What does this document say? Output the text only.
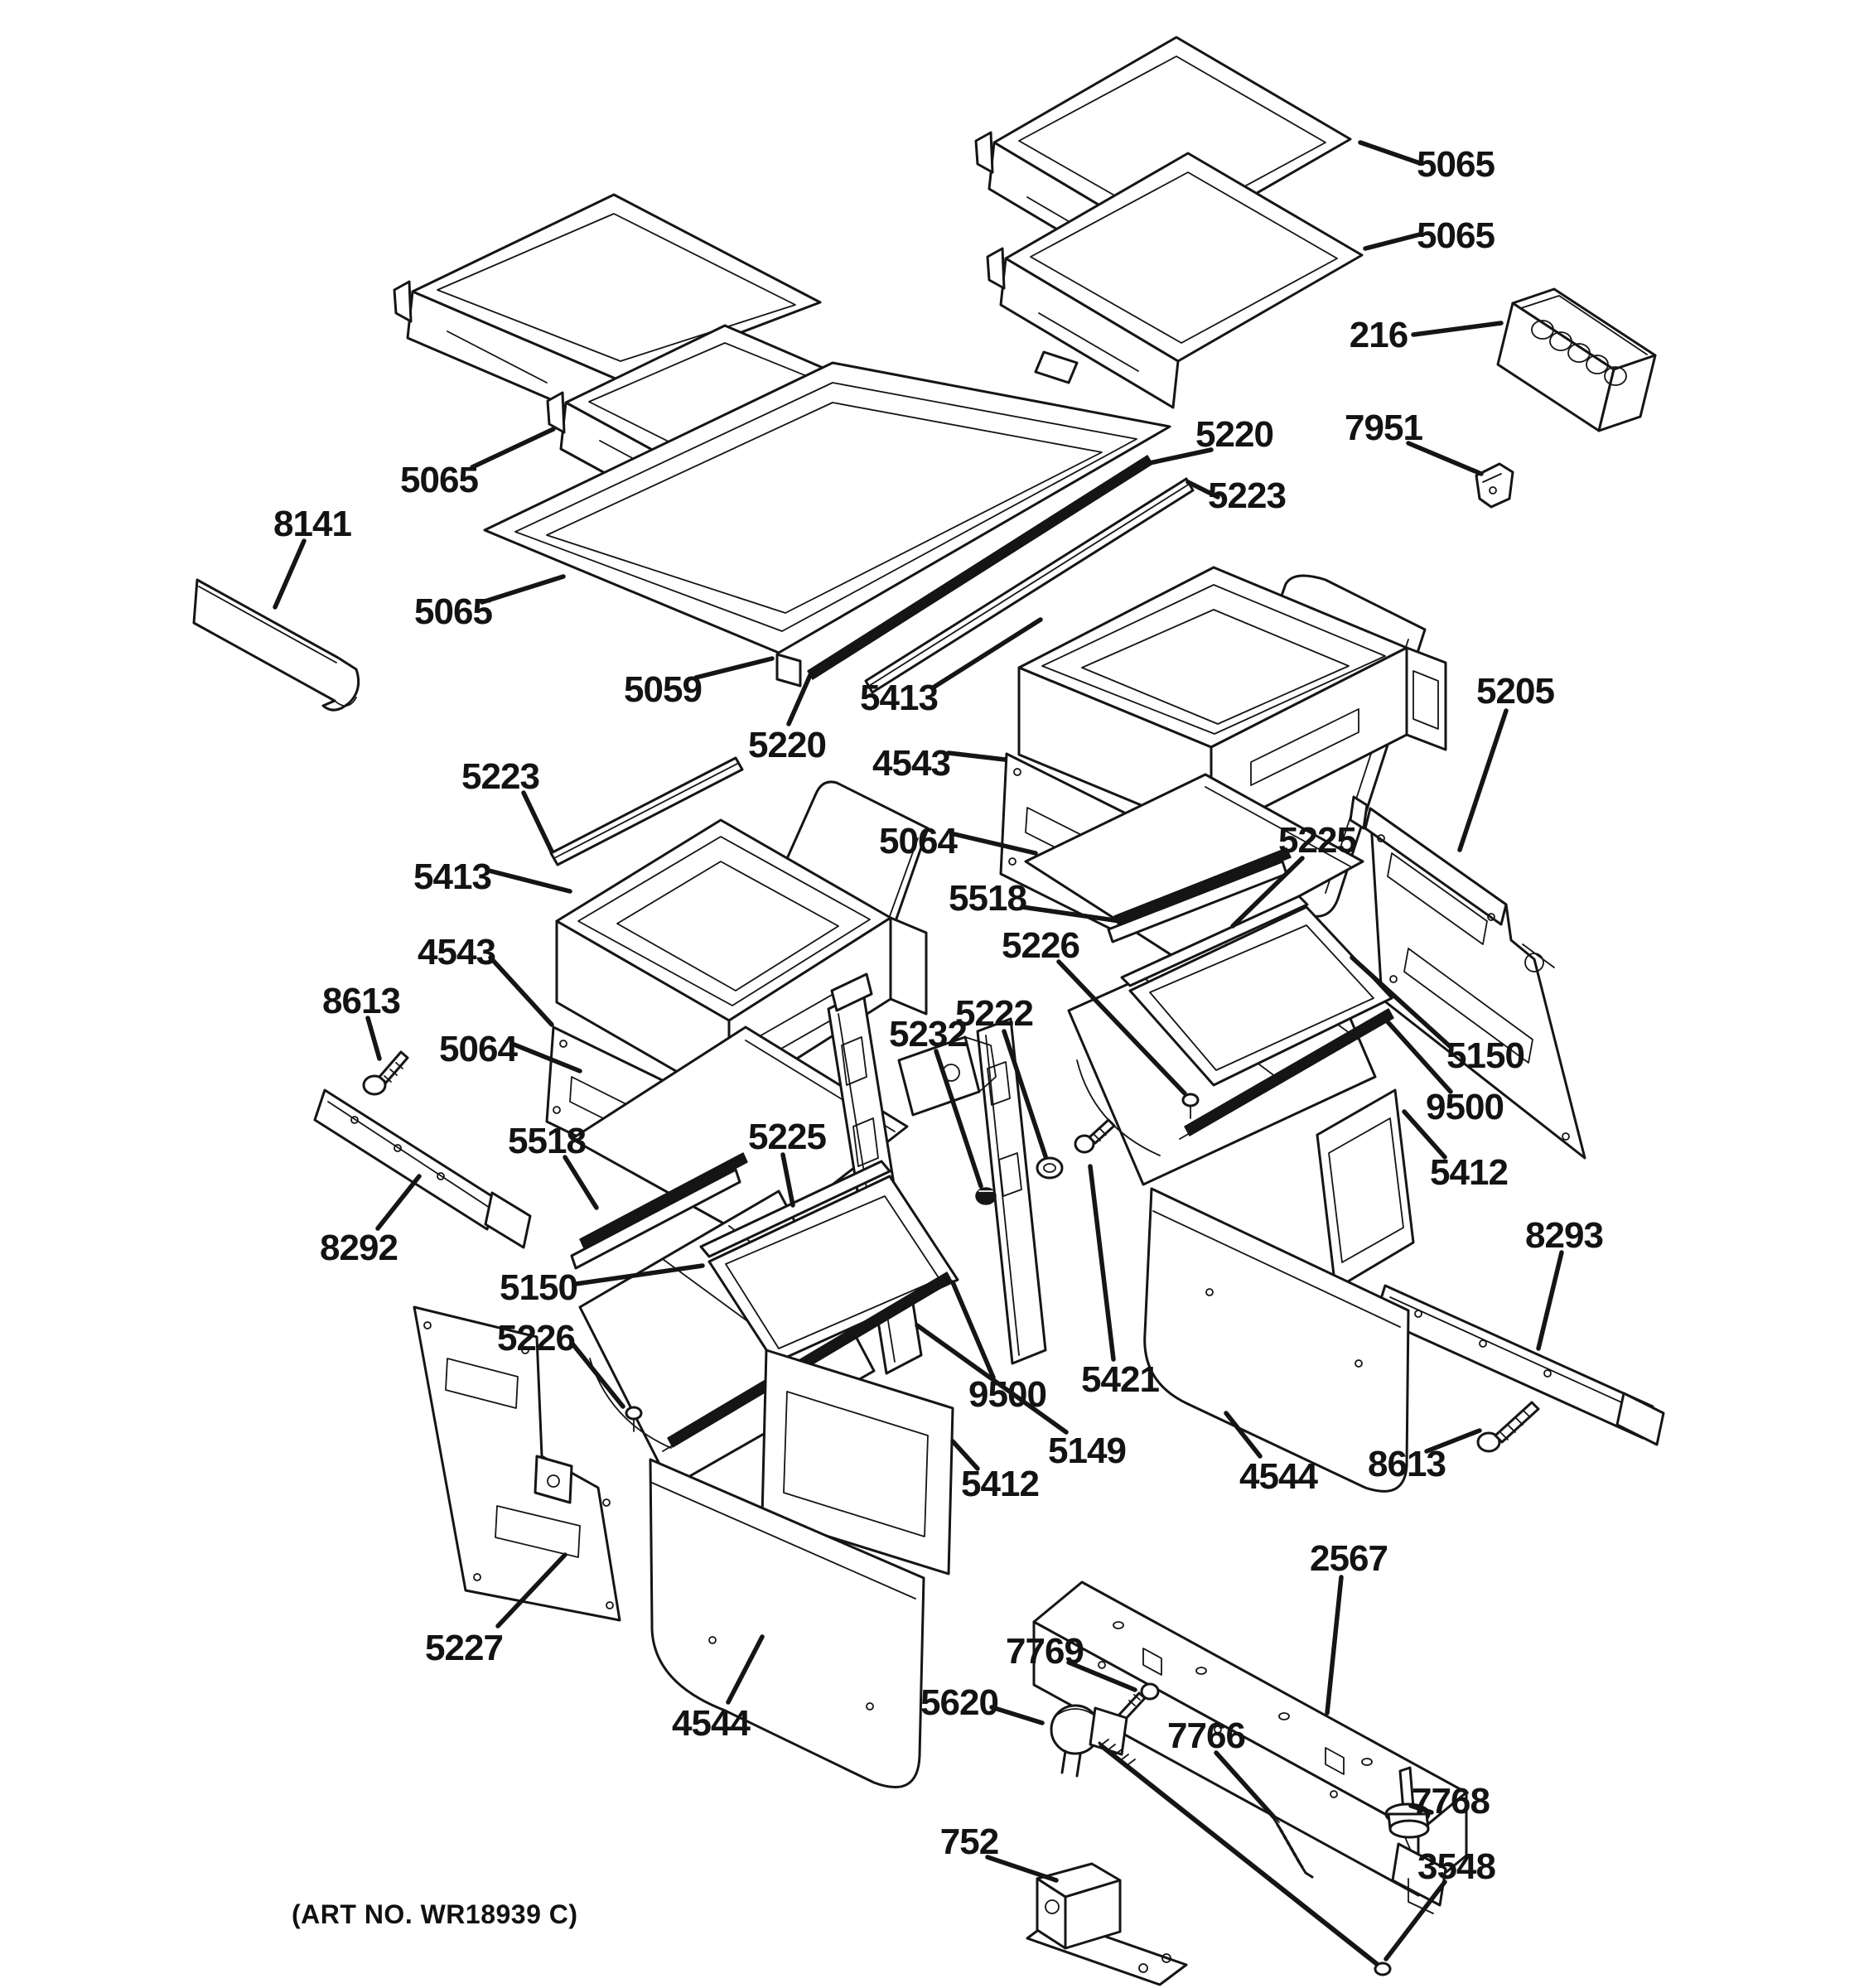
5065
5065
216
7951
5065
8141
5065
5220
5223
5059
5220
5413
4543
5064	5225
5518
5226
5205
5222
5232
5223
5413
4543
8613
5064
5518	5225
8292
5150
5226
5150
9500
5412
8293
9500 5421
5149
5412	8613
4544
5227
4544
2567
7769
5620
7766
7768
752
3548
(ART NO. WR18939 C)
